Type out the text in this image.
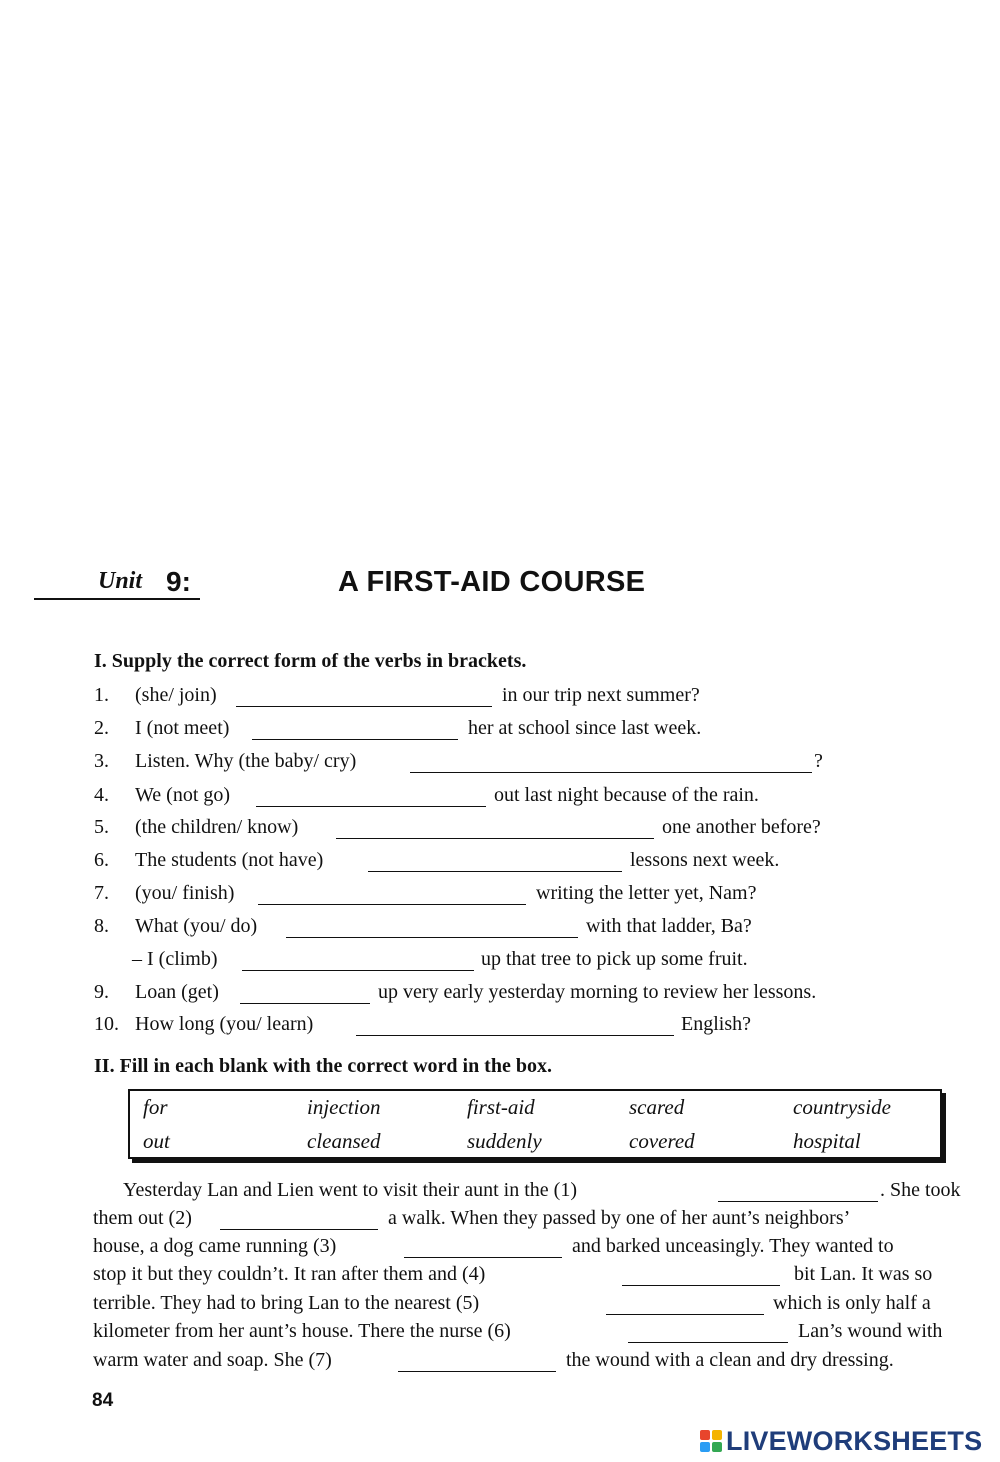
Unit 9:	A FIRST-AID COURSE
I. Supply the correct form of the verbs in brackets.
1. (she/ join)	in our trip next summer?
2. I (not meet)	her at school since last week.
3. Listen. Why (the baby/ cry)	?
4. We (not go)	out last night because of the rain.
5. (the children/ know)	one another before?
6. The students (not have)	lessons next week.
7. (you/ finish)	writing the letter yet, Nam?
8. What (you/ do)	with that ladder, Ba?
– I (climb)	up that tree to pick up some fruit.
9. Loan (get)	up very early yesterday morning to review her lessons.
10. How long (you/ learn)	English?
II. Fill in each blank with the correct word in the box.
for	injection	first-aid	scared	countryside
out	cleansed	suddenly	covered	hospital
Yesterday Lan and Lien went to visit their aunt in the (1)	. She took
them out (2)	a walk. When they passed by one of her aunt’s neighbors’
house, a dog came running (3)	and barked unceasingly. They wanted to
stop it but they couldn’t. It ran after them and (4)	bit Lan. It was so
terrible. They had to bring Lan to the nearest (5)	which is only half a
kilometer from her aunt’s house. There the nurse (6)	Lan’s wound with
warm water and soap. She (7)	the wound with a clean and dry dressing.
84
LIVEWORKSHEETS
